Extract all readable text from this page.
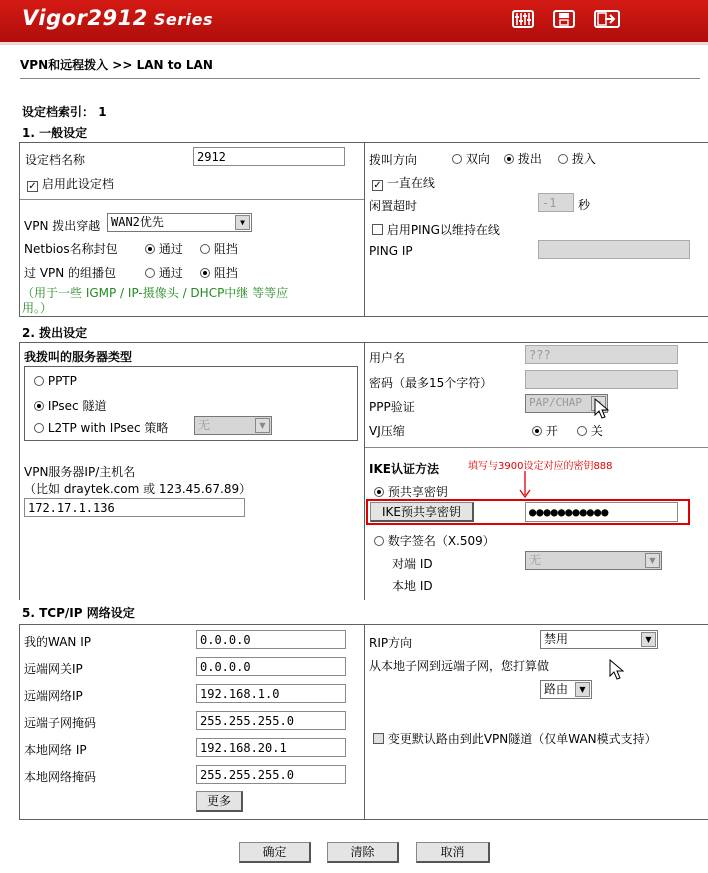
Vigor2912 Series
VPN和远程拨入 >> LAN to LAN
设定档索引： 1
1. 一般设定
设定档名称	2912
✓ 启用此设定档
VPN 拨出穿越 WAN2优先	▼
Netbios名称封包	通过	阻挡
过 VPN 的组播包	通过	阻挡
（用于一些 IGMP / IP-摄像头 / DHCP中继 等等应
用。）
拨叫方向	双向	拨出	拨入
✓ 一直在线
闲置超时	-1	秒
启用PING以维持在线
PING IP
2. 拨出设定
我拨叫的服务器类型
PPTP
IPsec 隧道
L2TP with IPsec 策略	无	▼
VPN服务器IP/主机名
（比如 draytek.com 或 123.45.67.89）
172.17.1.136
用户名	???
密码（最多15个字符）
PPP验证	PAP/CHAP
VJ压缩	开	关
IKE认证方法	填写与3900设定对应的密钥888
预共享密钥
IKE预共享密钥	●●●●●●●●●●●
数字签名（X.509）
对端 ID	无	▼
本地 ID
5. TCP/IP 网络设定
我的WAN IP	0.0.0.0
远端网关IP	0.0.0.0
远端网络IP	192.168.1.0
远端子网掩码	255.255.255.0
本地网络 IP	192.168.20.1
本地网络掩码	255.255.255.0
更多
RIP方向	禁用	▼
从本地子网到远端子网，您打算做
路由	▼
变更默认路由到此VPN隧道（仅单WAN模式支持）
确定	清除	取消
